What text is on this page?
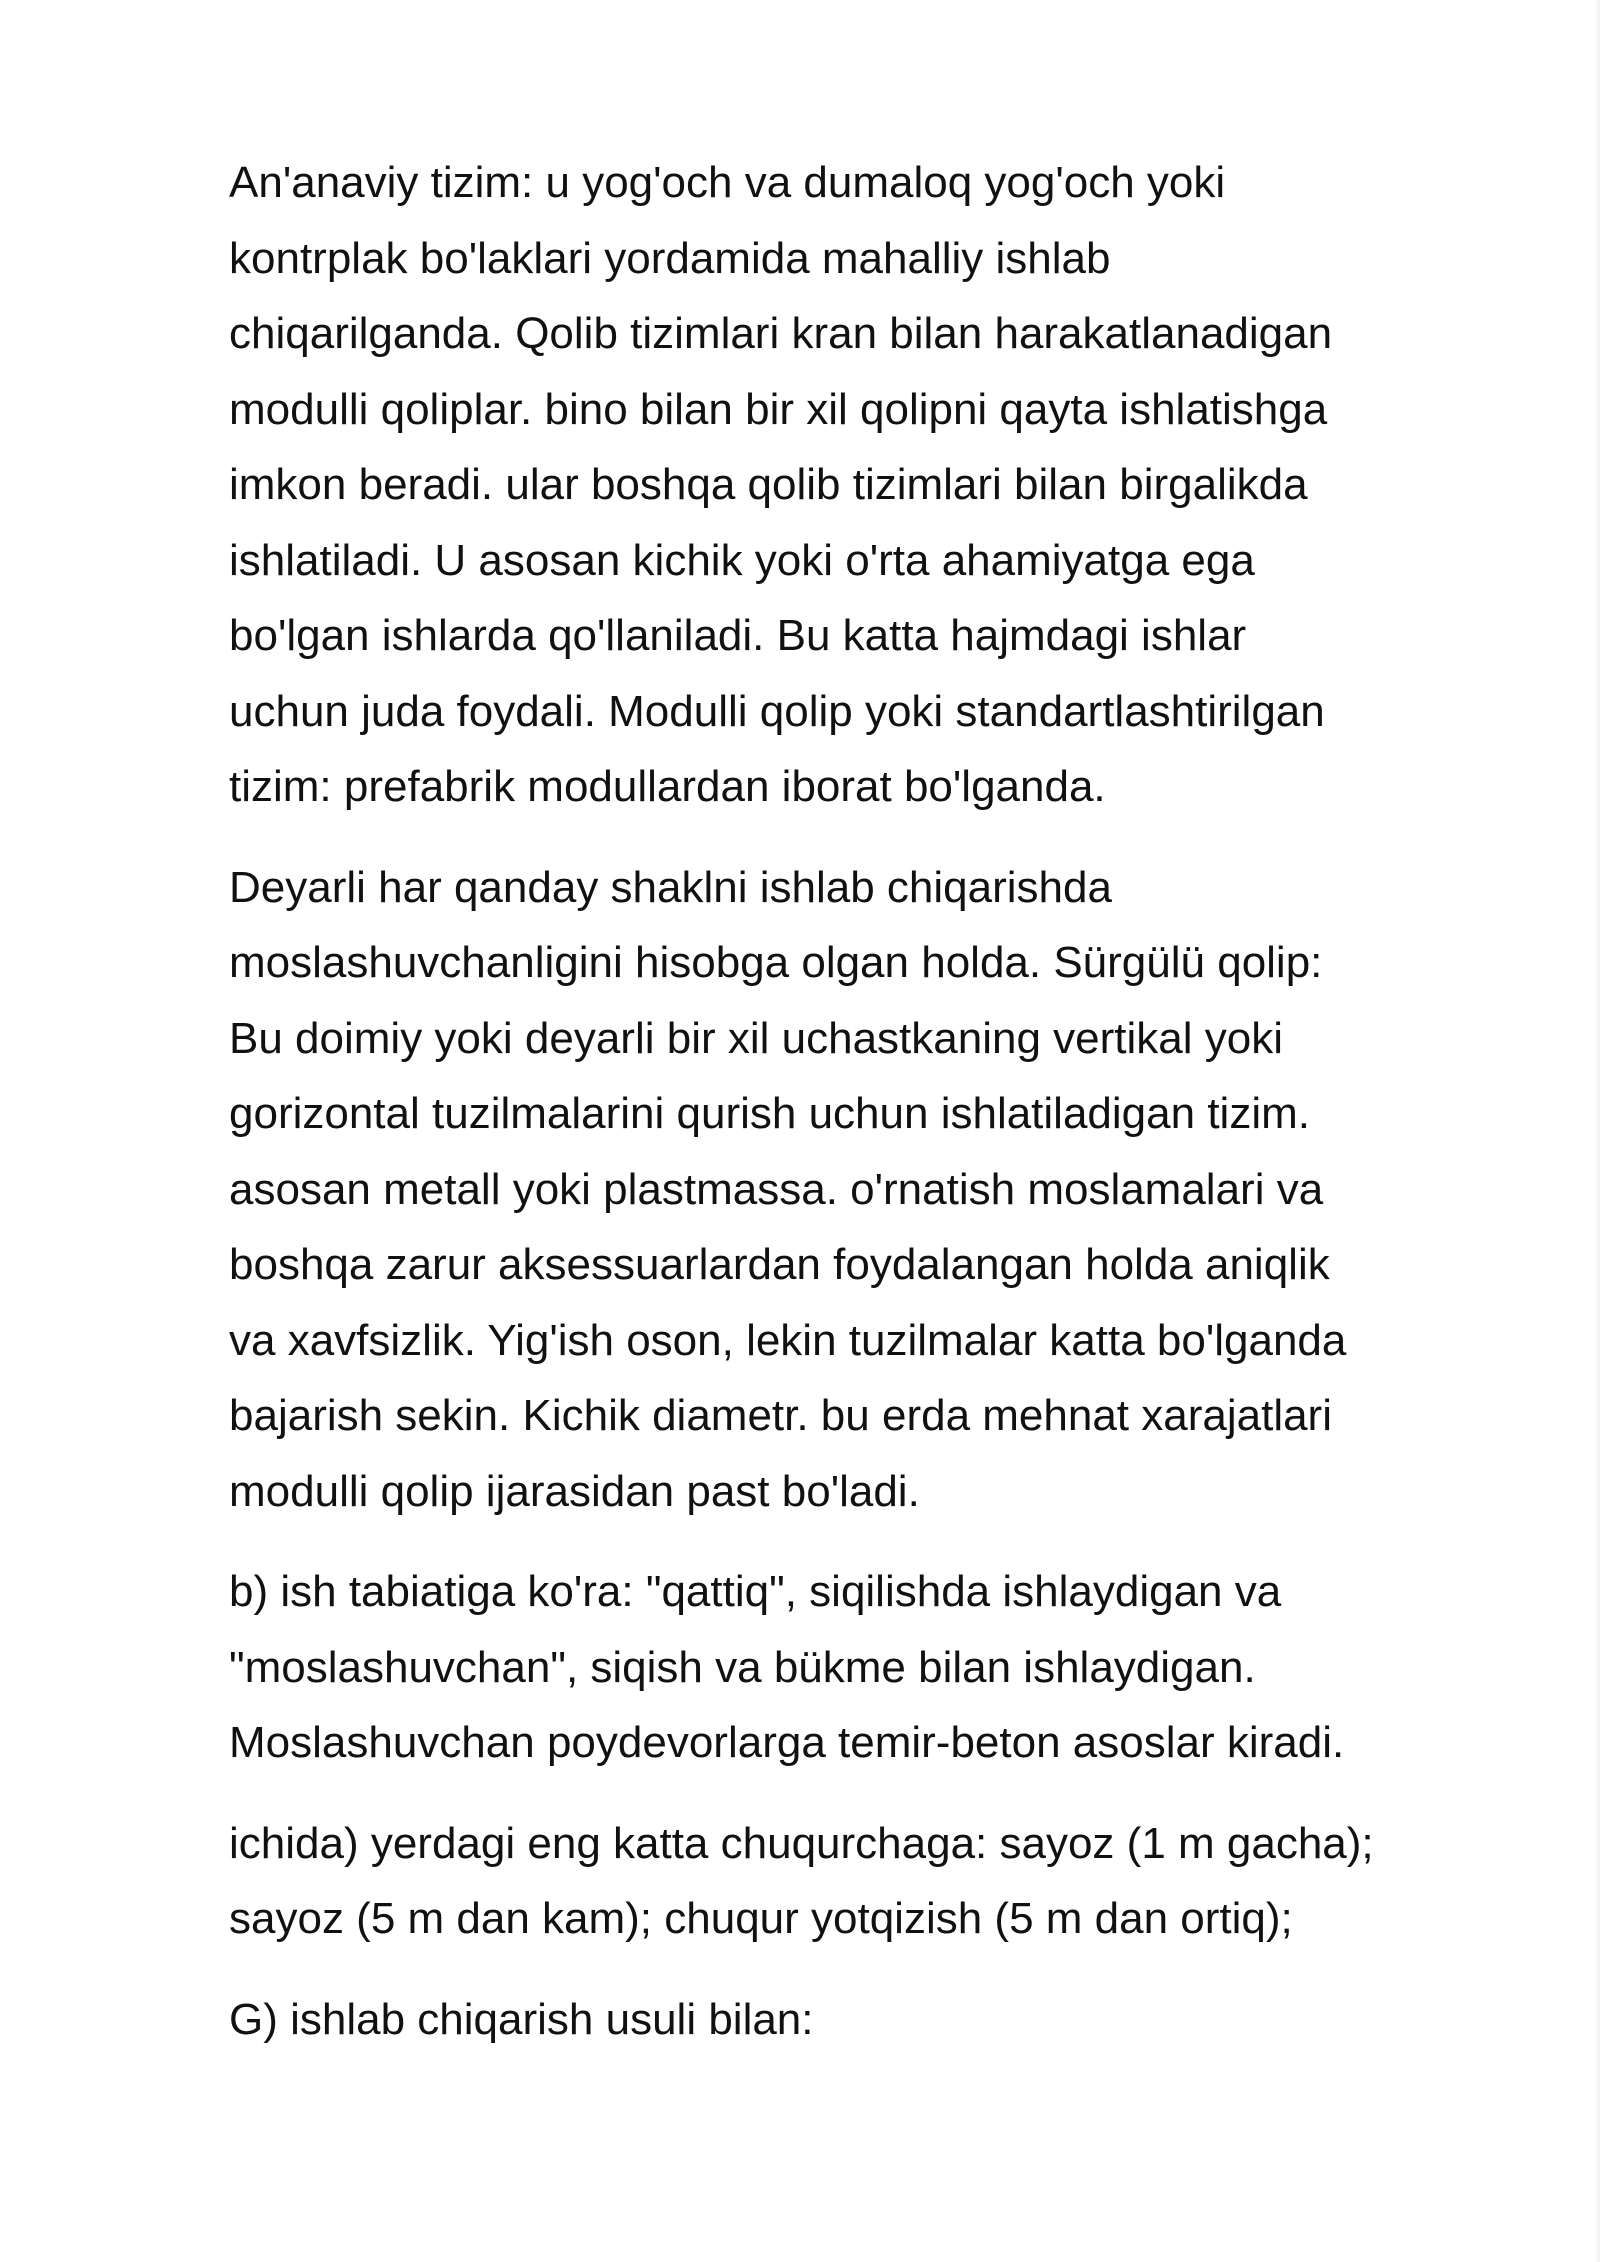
An'anaviy tizim: u yog'och va dumaloq yog'och yoki
kontrplak bo'laklari yordamida mahalliy ishlab
chiqarilganda. Qolib tizimlari kran bilan harakatlanadigan
modulli qoliplar. bino bilan bir xil qolipni qayta ishlatishga
imkon beradi. ular boshqa qolib tizimlari bilan birgalikda
ishlatiladi. U asosan kichik yoki o'rta ahamiyatga ega
bo'lgan ishlarda qo'llaniladi. Bu katta hajmdagi ishlar
uchun juda foydali. Modulli qolip yoki standartlashtirilgan
tizim: prefabrik modullardan iborat bo'lganda.

Deyarli har qanday shaklni ishlab chiqarishda
moslashuvchanligini hisobga olgan holda. Sürgülü qolip:
Bu doimiy yoki deyarli bir xil uchastkaning vertikal yoki
gorizontal tuzilmalarini qurish uchun ishlatiladigan tizim.
asosan metall yoki plastmassa. o'rnatish moslamalari va
boshqa zarur aksessuarlardan foydalangan holda aniqlik
va xavfsizlik. Yig'ish oson, lekin tuzilmalar katta bo'lganda
bajarish sekin. Kichik diametr. bu erda mehnat xarajatlari
modulli qolip ijarasidan past bo'ladi.

b) ish tabiatiga ko'ra: "qattiq", siqilishda ishlaydigan va
"moslashuvchan", siqish va bükme bilan ishlaydigan.
Moslashuvchan poydevorlarga temir-beton asoslar kiradi.

ichida) yerdagi eng katta chuqurchaga: sayoz (1 m gacha);
sayoz (5 m dan kam); chuqur yotqizish (5 m dan ortiq);

G) ishlab chiqarish usuli bilan:
